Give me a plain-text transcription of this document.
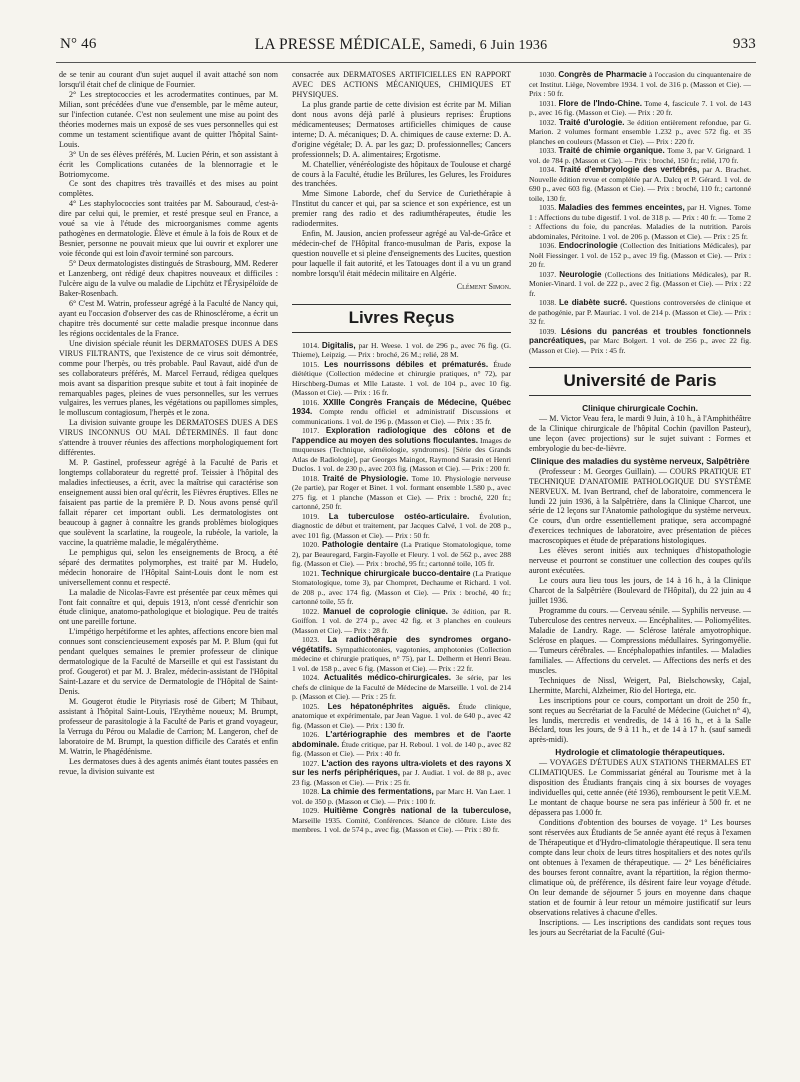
N° 46	LA PRESSE MÉDICALE, Samedi, 6 Juin 1936	933

de se tenir au courant d'un sujet auquel il avait attaché son nom lorsqu'il était chef de clinique de Fournier.

2° Les streptococcies et les acrodermatites continues, par M. Milian, sont précédées d'une vue d'ensemble, par le même auteur, sur l'infection cutanée. C'est non seulement une mise au point des théories modernes mais un exposé de ses vues personnelles qui est comme un testament scientifique avant de quitter l'hôpital Saint-Louis.

3° Un de ses élèves préférés, M. Lucien Périn, et son assistant à écrit les Complications cutanées de la blennorragie et le Botriomycome.

Ce sont des chapitres très travaillés et des mises au point complètes.

4° Les staphylococcies sont traitées par M. Sabouraud, c'est-à-dire par celui qui, le premier, et resté presque seul en France, a voué sa vie à l'étude des microorganismes comme agents pathogènes en dermatologie. Élève et émule à la fois de Roux et de Besnier, personne ne pouvait mieux que lui ouvrir et explorer une voie féconde qui est loin d'avoir terminé son parcours.

5° Deux dermatologistes distingués de Strasbourg, MM. Rederer et Lanzenberg, ont rédigé deux chapitres nouveaux et difficiles : l'ulcère aigu de la vulve ou maladie de Lipchütz et l'Érysipéloïde de Baker-Rosenbach.

6° C'est M. Watrin, professeur agrégé à la Faculté de Nancy qui, ayant eu l'occasion d'observer des cas de Rhinosclérome, a écrit un chapitre très documenté sur cette maladie presque inconnue dans les régions occidentales de la France.

Une division spéciale réunit les DERMATOSES DUES A DES VIRUS FILTRANTS, que l'existence de ce virus soit démontrée, comme pour l'herpès, ou très probable. Paul Ravaut, aidé d'un de ses collaborateurs préférés, M. Marcel Ferraud, rédigea quelques mois avant sa disparition presque subite et tout à fait inopinée de remarquables pages, pleines de vues personnelles, sur les verrues vulgaires, les verrues planes, les végétations ou papillomes simples, le molluscum contagiosum, l'herpès et le zona.

La division suivante groupe les DERMATOSES DUES A DES VIRUS INCONNUS OU MAL DÉTERMINÉS. Il faut donc s'attendre à trouver réunies des affections morphologiquement fort différentes.

M. P. Gastinel, professeur agrégé à la Faculté de Paris et longtemps collaborateur du regretté prof. Teissier à l'hôpital des maladies infectieuses, a écrit, avec la maîtrise qui caractérise son enseignement aussi bien oral qu'écrit, les Fièvres éruptives. Elles ne faisaient pas partie de la première P. D. Nous avons pensé qu'il fallait réparer cet important oubli. Les dermatologistes ont beaucoup à gagner à connaître les grands problèmes biologiques que soulèvent la scarlatine, la rougeole, la rubéole, la variole, la vaccine, la quatrième maladie, le mégalérythème.

Le pemphigus qui, selon les enseignements de Brocq, a été séparé des dermatites polymorphes, est traité par M. Hudelo, médecin honoraire de l'Hôpital Saint-Louis dont le nom est universellement connu et respecté.

La maladie de Nicolas-Favre est présentée par ceux mêmes qui l'ont fait connaître et qui, depuis 1913, n'ont cessé d'enrichir son étude clinique, anatomo-pathologique et biologique. Peu de traités ont une pareille fortune.

L'impétigo herpétiforme et les aphtes, affections encore bien mal connues sont consciencieusement exposés par M. P. Blum (qui fut pendant quelques semaines le premier professeur de clinique dermatologique de la Faculté de Marseille et qui est l'assistant du prof. Gougerot) et par M. J. Bralez, médecin-assistant de l'Hôpital Saint-Lazare et du service de Dermatologie de l'Hôpital de Saint-Denis.

M. Gougerot étudie le Pityriasis rosé de Gibert; M Thibaut, assistant à l'hôpital Saint-Louis, l'Erythème noueux; M. Brumpt, professeur de parasitologie à la Faculté de Paris et grand voyageur, la Verruga du Pérou ou Maladie de Carrion; M. Langeron, chef de laboratoire de M. Brumpt, la question difficile des Caratés et enfin M. Watrin, le Phagédénisme.

Les dermatoses dues à des agents animés étant toutes passées en revue, la division suivante est

consacrée aux DERMATOSES ARTIFICIELLES EN RAPPORT AVEC DES ACTIONS MÉCANIQUES, CHIMIQUES ET PHYSIQUES.

La plus grande partie de cette division est écrite par M. Milian dont nous avons déjà parlé à plusieurs reprises: Éruptions médicamenteuses; Dermatoses artificielles chimiques de cause interne; D. A. mécaniques; D. A. chimiques de cause externe: D. A. d'origine végétale; D. A. par les gaz; D. professionnelles; Cancers professionnels; D. A. alimentaires; Ergotisme.

M. Chatellier, vénéréologiste des hôpitaux de Toulouse et chargé de cours à la Faculté, étudie les Brûlures, les Gelures, les Froidures des tranchées.

Mme Simone Laborde, chef du Service de Curiethérapie à l'Institut du cancer et qui, par sa science et son expérience, est un premier rang des radio et des radiumthérapeutes, étudie les radiodermites.

Enfin, M. Jausion, ancien professeur agrégé au Val-de-Grâce et médecin-chef de l'Hôpital franco-musulman de Paris, expose la question nouvelle et si pleine d'enseignements des Lucites, question pour laquelle il fait autorité, et les Tatouages dont il a vu un grand nombre lorsqu'il était médecin militaire en Algérie.

Clément Simon.

Livres Reçus

1014. Digitalis, par H. Weese. 1 vol. de 296 p., avec 76 fig. (G. Thieme), Leipzig. — Prix : broché, 26 M.; relié, 28 M.

1015. Les nourrissons débiles et prématurés. Étude diététique (Collection médecine et chirurgie pratiques, n° 72), par Hirschberg-Dumas et Mlle Lataste. 1 vol. de 104 p., avec 10 fig. (Masson et Cie). — Prix : 16 fr.

1016. XXIIIe Congrès Français de Médecine, Québec 1934. Compte rendu officiel et administratif Discussions et communications. 1 vol. de 196 p. (Masson et Cie). — Prix : 35 fr.

1017. Exploration radiologique des côlons et de l'appendice au moyen des solutions floculantes. Images de muqueuses (Technique, séméiologie, syndromes). [Série des Grands Atlas de Radiologie], par Georges Maingot, Raymond Sarasin et Henri Duclos. 1 vol. de 230 p., avec 203 fig. (Masson et Cie). — Prix : 200 fr.

1018. Traité de Physiologie. Tome 10. Physiologie nerveuse (2e partie), par Roger et Binet. 1 vol. formant ensemble 1.580 p., avec 275 fig. et 1 planche (Masson et Cie). — Prix : broché, 220 fr.; cartonné, 250 fr.

1019. La tuberculose ostéo-articulaire. Évolution, diagnostic de début et traitement, par Jacques Calvé, 1 vol. de 208 p., avec 101 fig. (Masson et Cie). — Prix : 50 fr.

1020. Pathologie dentaire (La Pratique Stomatologique, tome 2), par Beauregard, Fargin-Fayolle et Fleury. 1 vol. de 562 p., avec 288 fig. (Masson et Cie). — Prix : broché, 95 fr.; cartonné toile, 105 fr.

1021. Technique chirurgicale bucco-dentaire (La Pratique Stomatologique, tome 3), par Chompret, Dechaume et Richard. 1 vol. de 208 p., avec 174 fig. (Masson et Cie). — Prix : broché, 40 fr.; cartonné toile, 55 fr.

1022. Manuel de coprologie clinique. 3e édition, par R. Goiffon. 1 vol. de 274 p., avec 42 fig. et 3 planches en couleurs (Masson et Cie). — Prix : 28 fr.

1023. La radiothérapie des syndromes organo-végétatifs. Sympathicotonies, vagotonies, amphotonies (Collection médecine et chirurgie pratiques, n° 75), par L. Delherm et Henri Beau. 1 vol. de 158 p., avec 6 fig. (Masson et Cie). — Prix : 22 fr.

1024. Actualités médico-chirurgicales. 3e série, par les chefs de clinique de la Faculté de Médecine de Marseille. 1 vol. de 214 p. (Masson et Cie). — Prix : 25 fr.

1025. Les hépatonéphrites aiguës. Étude clinique, anatomique et expérimentale, par Jean Vague. 1 vol. de 640 p., avec 42 fig. (Masson et Cie). — Prix : 130 fr.

1026. L'artériographie des membres et de l'aorte abdominale. Étude critique, par H. Reboul. 1 vol. de 140 p., avec 82 fig. (Masson et Cie). — Prix : 40 fr.

1027. L'action des rayons ultra-violets et des rayons X sur les nerfs périphériques, par J. Audiat. 1 vol. de 88 p., avec 23 fig. (Masson et Cie). — Prix : 25 fr.

1028. La chimie des fermentations, par Marc H. Van Laer. 1 vol. de 350 p. (Masson et Cie). — Prix : 100 fr.

1029. Huitième Congrès national de la tuberculose, Marseille 1935. Comité, Conférences. Séance de clôture. Liste des membres. 1 vol. de 574 p., avec fig. (Masson et Cie). — Prix : 80 fr.

1030. Congrès de Pharmacie à l'occasion du cinquantenaire de cet Institut. Liège, Novembre 1934. 1 vol. de 316 p. (Masson et Cie). — Prix : 50 fr.

1031. Flore de l'Indo-Chine. Tome 4, fascicule 7. 1 vol. de 143 p., avec 16 fig. (Masson et Cie). — Prix : 20 fr.

1032. Traité d'urologie. 3e édition entièrement refondue, par G. Marion. 2 volumes formant ensemble 1.232 p., avec 572 fig. et 35 planches en couleurs (Masson et Cie). — Prix : 220 fr.

1033. Traité de chimie organique. Tome 3, par V. Grignard. 1 vol. de 784 p. (Masson et Cie). — Prix : broché, 150 fr.; relié, 170 fr.

1034. Traité d'embryologie des vertébrés, par A. Brachet. Nouvelle édition revue et complétée par A. Dalcq et P. Gérard. 1 vol. de 690 p., avec 603 fig. (Masson et Cie). — Prix : broché, 110 fr.; cartonné toile, 130 fr.

1035. Maladies des femmes enceintes, par H. Vignes. Tome 1 : Affections du tube digestif. 1 vol. de 318 p. — Prix : 40 fr. — Tome 2 : Affections du foie, du pancréas. Maladies de la nutrition. Parois abdominales, Péritoine. 1 vol. de 206 p. (Masson et Cie). — Prix : 25 fr.

1036. Endocrinologie (Collection des Initiations Médicales), par Noël Fiessinger. 1 vol. de 152 p., avec 19 fig. (Masson et Cie). — Prix : 20 fr.

1037. Neurologie (Collections des Initiations Médicales), par R. Monier-Vinard. 1 vol. de 222 p., avec 2 fig. (Masson et Cie). — Prix : 22 fr.

1038. Le diabète sucré. Questions controversées de clinique et de pathogénie, par P. Mauriac. 1 vol. de 214 p. (Masson et Cie). — Prix : 32 fr.

1039. Lésions du pancréas et troubles fonctionnels pancréatiques, par Marc Bolgert. 1 vol. de 256 p., avec 22 fig. (Masson et Cie). — Prix : 45 fr.

Université de Paris

Clinique chirurgicale Cochin.

— M. Victor Veau fera, le mardi 9 Juin, à 10 h., à l'Amphithéâtre de la Clinique chirurgicale de l'hôpital Cochin (pavillon Pasteur), une leçon (avec projections) sur le sujet suivant : Formes et embryologie du bec-de-lièvre.

Clinique des maladies du système nerveux, Salpêtrière

(Professeur : M. Georges Guillain). — COURS PRATIQUE ET TECHNIQUE D'ANATOMIE PATHOLOGIQUE DU SYSTÈME NERVEUX. M. Ivan Bertrand, chef de laboratoire, commencera le lundi 22 juin 1936, à la Salpêtrière, dans la Clinique Charcot, une série de 12 leçons sur l'Anatomie pathologique du système nerveux. Ce cours, d'un ordre essentiellement pratique, sera accompagné d'exercices techniques de laboratoire, avec présentation de pièces macroscopiques et étude de préparations histologiques.

Les élèves seront initiés aux techniques d'histopathologie nerveuse et pourront se constituer une collection des coupes qu'ils auront exécutées.

Le cours aura lieu tous les jours, de 14 à 16 h., à la Clinique Charcot de la Salpêtrière (Boulevard de l'Hôpital), du 22 juin au 4 juillet 1936.

Programme du cours. — Cerveau sénile. — Syphilis nerveuse. — Tuberculose des centres nerveux. — Encéphalites. — Poliomyélites. Maladie de Landry. Rage. — Sclérose latérale amyotrophique. Sclérose en plaques. — Compressions médullaires. Syringomyélie. — Tumeurs cérébrales. — Encéphalopathies infantiles. — Maladies familiales. — Affections du cervelet. — Affections des nerfs et des muscles.

Techniques de Nissl, Weigert, Pal, Bielschowsky, Cajal, Lhermitte, Marchi, Alzheimer, Rio del Hortega, etc.

Les inscriptions pour ce cours, comportant un droit de 250 fr., sont reçues au Secrétariat de la Faculté de Médecine (Guichet n° 4), les lundis, mercredis et vendredis, de 14 à 16 h., et à la Salle Béclard, tous les jours, de 9 à 11 h., et de 14 à 17 h. (sauf samedi après-midi).

Hydrologie et climatologie thérapeutiques.

— VOYAGES D'ÉTUDES AUX STATIONS THERMALES ET CLIMATIQUES. Le Commissariat général au Tourisme met à la disposition des Étudiants français cinq à six bourses de voyages individuelles qui, cette année (été 1936), remboursent le petit V.E.M. Le montant de chaque bourse ne sera pas inférieur à 500 fr. et ne dépassera pas 1.000 fr.

Conditions d'obtention des bourses de voyage. 1° Les bourses sont réservées aux Étudiants de 5e année ayant été reçus à l'examen de Thérapeutique et d'Hydro-climatologie thérapeutique. Il sera tenu compte dans leur choix de leurs titres hospitaliers et des notes qu'ils ont obtenues à l'examen de thérapeutique. — 2° Les bénéficiaires des bourses feront connaître, avant la répartition, la région thermo-climatique où, de préférence, ils désirent faire leur voyage d'étude. On leur demande de séjourner 5 jours en moyenne dans chaque station et de fournir à leur retour un mémoire justificatif sur leurs observations relatives à chacune d'elles.

Inscriptions. — Les inscriptions des candidats sont reçues tous les jours au Secrétariat de la Faculté (Gui-
